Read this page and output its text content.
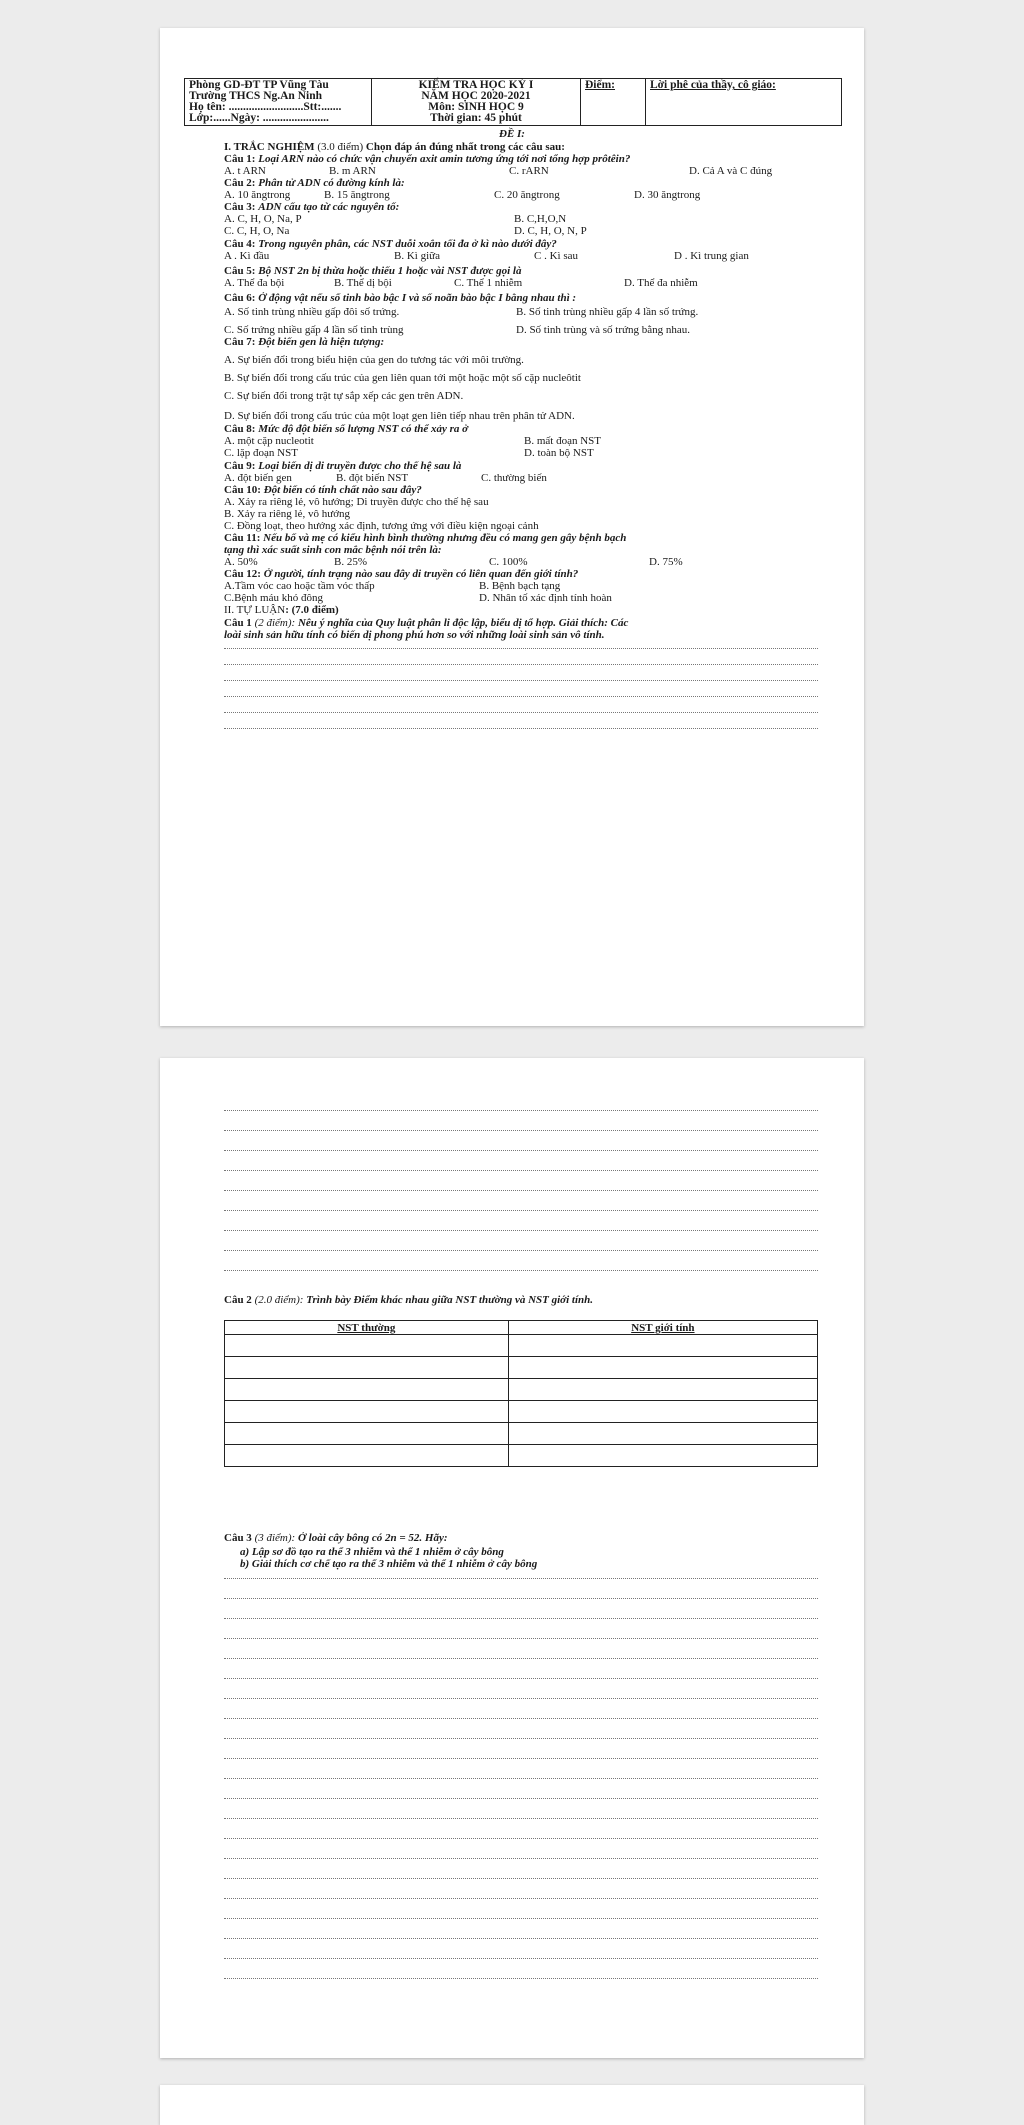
Phòng GD-ĐT TP Vũng Tàu
Trường THCS Ng.An Ninh
Họ tên: ..........................Stt:.......
Lớp:......Ngày: .......................

KIỂM TRA HỌC KỲ I
NĂM HỌC 2020-2021
Môn: SINH HỌC 9
Thời gian: 45 phút
	Điểm:	Lời phê của thầy, cô giáo:
ĐỀ I:
I. TRẮC NGHIỆM (3.0 điểm) Chọn đáp án đúng nhất trong các câu sau:
Câu 1: Loại ARN nào có chức vận chuyển axit amin tương ứng tới nơi tổng hợp prôtêin?
A. t ARN	B. m ARN	C. rARN	D. Cả A và C đúng
Câu 2: Phân tử ADN có đường kính là:
A. 10 ăngtrong	B. 15 ăngtrong	C. 20 ăngtrong	D. 30 ăngtrong
Câu 3: ADN cấu tạo từ các nguyên tố:
A. C, H, O, Na, P	B. C,H,O,N
C. C, H, O, Na	D. C, H, O, N, P
Câu 4: Trong nguyên phân, các NST duỗi xoắn tối đa ở kì nào dưới đây?
A . Kì đầu	B. Kì giữa	C . Kì sau	D . Kì trung gian
Câu 5: Bộ NST 2n bị thừa hoặc thiếu 1 hoặc vài NST được gọi là
A. Thể đa bội	B. Thể dị bội	C. Thể 1 nhiễm	D. Thể đa nhiễm
Câu 6: Ở động vật nếu số tinh bào bậc I và số noãn bào bậc I bằng nhau thì :
A. Số tinh trùng nhiều gấp đôi số trứng.	B. Số tinh trùng nhiều gấp 4 lần số trứng.
C. Số trứng nhiều gấp 4 lần số tinh trùng	D. Số tinh trùng và số trứng bằng nhau.
Câu 7: Đột biến gen là hiện tượng:
A. Sự biến đổi trong biểu hiện của gen do tương tác với môi trường.
B. Sự biến đổi trong cấu trúc của gen liên quan tới một hoặc một số cặp nucleôtit
C. Sự biến đổi trong trật tự sắp xếp các gen trên ADN.
D. Sự biến đổi trong cấu trúc của một loạt gen liên tiếp nhau trên phân tử ADN.
Câu 8: Mức độ đột biến số lượng NST có thể xảy ra ở
A. một cặp nucleotit	B. mất đoạn NST
C. lặp đoạn NST	D. toàn bộ NST
Câu 9: Loại biến dị di truyền được cho thế hệ sau là
A. đột biến gen	B. đột biến NST	C. thường biến
Câu 10: Đột biến có tính chất nào sau đây?
A. Xảy ra riêng lẻ, vô hướng; Di truyền được cho thế hệ sau
B. Xảy ra riêng lẻ, vô hướng
C. Đồng loạt, theo hướng xác định, tương ứng với điều kiện ngoại cảnh
Câu 11: Nếu bố và mẹ có kiểu hình bình thường nhưng đều có mang gen gây bệnh bạch
tạng thì xác suất sinh con mắc bệnh nói trên là:
A. 50%	B. 25%	C. 100%	D. 75%
Câu 12: Ở người, tính trạng nào sau đây di truyền có liên quan đến giới tính?
A.Tầm vóc cao hoặc tầm vóc thấp	B. Bệnh bạch tạng
C.Bệnh máu khó đông	D. Nhân tố xác định tính hoàn
II. TỰ LUẬN: (7.0 điểm)
Câu 1 (2 điểm): Nêu ý nghĩa của Quy luật phân li độc lập, biểu dị tổ hợp. Giải thích: Các
loài sinh sản hữu tính có biến dị phong phú hơn so với những loài sinh sản vô tính.
Câu 2 (2.0 điểm): Trình bày Điểm khác nhau giữa NST thường và NST giới tính.
NST thường	NST giới tính

Câu 3 (3 điểm): Ở loài cây bông có 2n = 52. Hãy:
a) Lập sơ đồ tạo ra thể 3 nhiễm và thể 1 nhiễm ở cây bông
b) Giải thích cơ chế tạo ra thể 3 nhiễm và thể 1 nhiễm ở cây bông
